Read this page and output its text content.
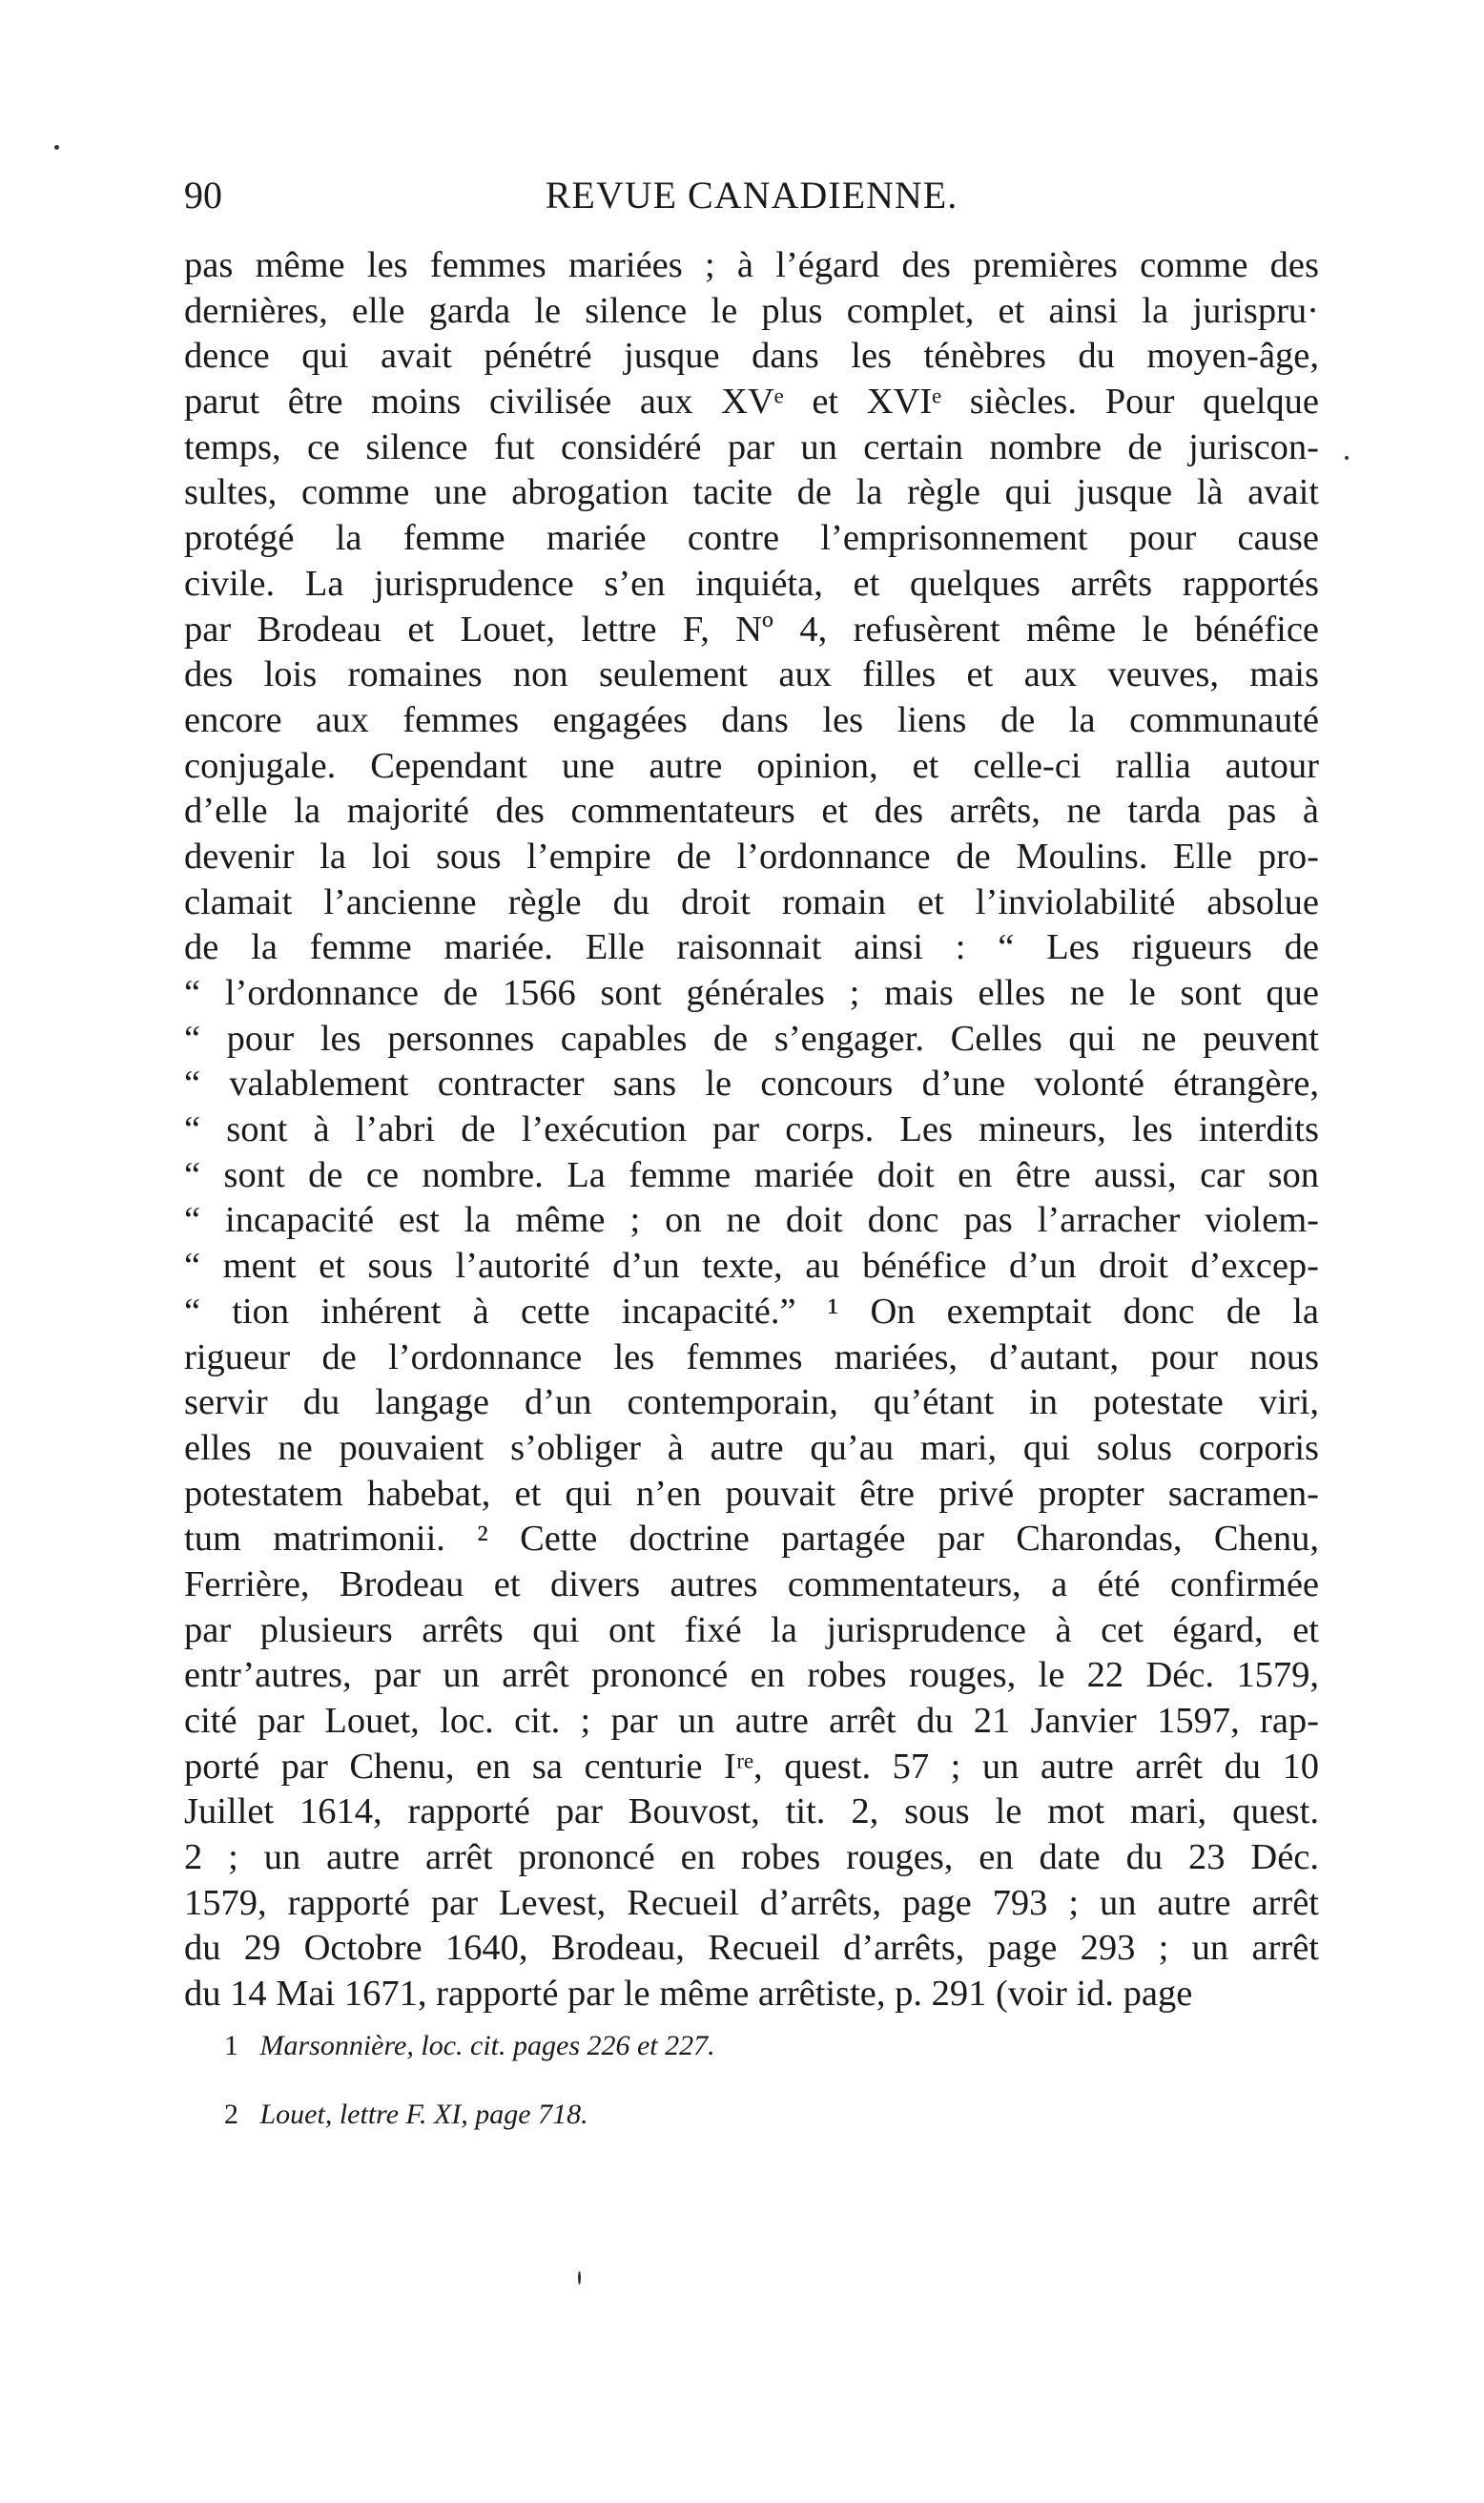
90	REVUE CANADIENNE.
pas même les femmes mariées ; à l’égard des premières comme des
dernières, elle garda le silence le plus complet, et ainsi la jurispru·
dence qui avait pénétré jusque dans les ténèbres du moyen-âge,
parut être moins civilisée aux XVᵉ et XVIᵉ siècles. Pour quelque
temps, ce silence fut considéré par un certain nombre de juriscon-
sultes, comme une abrogation tacite de la règle qui jusque là avait
protégé la femme mariée contre l’emprisonnement pour cause
civile. La jurisprudence s’en inquiéta, et quelques arrêts rapportés
par Brodeau et Louet, lettre F, Nº 4, refusèrent même le bénéfice
des lois romaines non seulement aux filles et aux veuves, mais
encore aux femmes engagées dans les liens de la communauté
conjugale. Cependant une autre opinion, et celle-ci rallia autour
d’elle la majorité des commentateurs et des arrêts, ne tarda pas à
devenir la loi sous l’empire de l’ordonnance de Moulins. Elle pro-
clamait l’ancienne règle du droit romain et l’inviolabilité absolue
de la femme mariée. Elle raisonnait ainsi : “ Les rigueurs de
“ l’ordonnance de 1566 sont générales ; mais elles ne le sont que
“ pour les personnes capables de s’engager. Celles qui ne peuvent
“ valablement contracter sans le concours d’une volonté étrangère,
“ sont à l’abri de l’exécution par corps. Les mineurs, les interdits
“ sont de ce nombre. La femme mariée doit en être aussi, car son
“ incapacité est la même ; on ne doit donc pas l’arracher violem-
“ ment et sous l’autorité d’un texte, au bénéfice d’un droit d’excep-
“ tion inhérent à cette incapacité.” ¹ On exemptait donc de la
rigueur de l’ordonnance les femmes mariées, d’autant, pour nous
servir du langage d’un contemporain, qu’étant in potestate viri,
elles ne pouvaient s’obliger à autre qu’au mari, qui solus corporis
potestatem habebat, et qui n’en pouvait être privé propter sacramen-
tum matrimonii. ² Cette doctrine partagée par Charondas, Chenu,
Ferrière, Brodeau et divers autres commentateurs, a été confirmée
par plusieurs arrêts qui ont fixé la jurisprudence à cet égard, et
entr’autres, par un arrêt prononcé en robes rouges, le 22 Déc. 1579,
cité par Louet, loc. cit. ; par un autre arrêt du 21 Janvier 1597, rap-
porté par Chenu, en sa centurie Iʳᵉ, quest. 57 ; un autre arrêt du 10
Juillet 1614, rapporté par Bouvost, tit. 2, sous le mot mari, quest.
2 ; un autre arrêt prononcé en robes rouges, en date du 23 Déc.
1579, rapporté par Levest, Recueil d’arrêts, page 793 ; un autre arrêt
du 29 Octobre 1640, Brodeau, Recueil d’arrêts, page 293 ; un arrêt
du 14 Mai 1671, rapporté par le même arrêtiste, p. 291 (voir id. page
1 Marsonnière, loc. cit. pages 226 et 227.
2 Louet, lettre F. XI, page 718.
